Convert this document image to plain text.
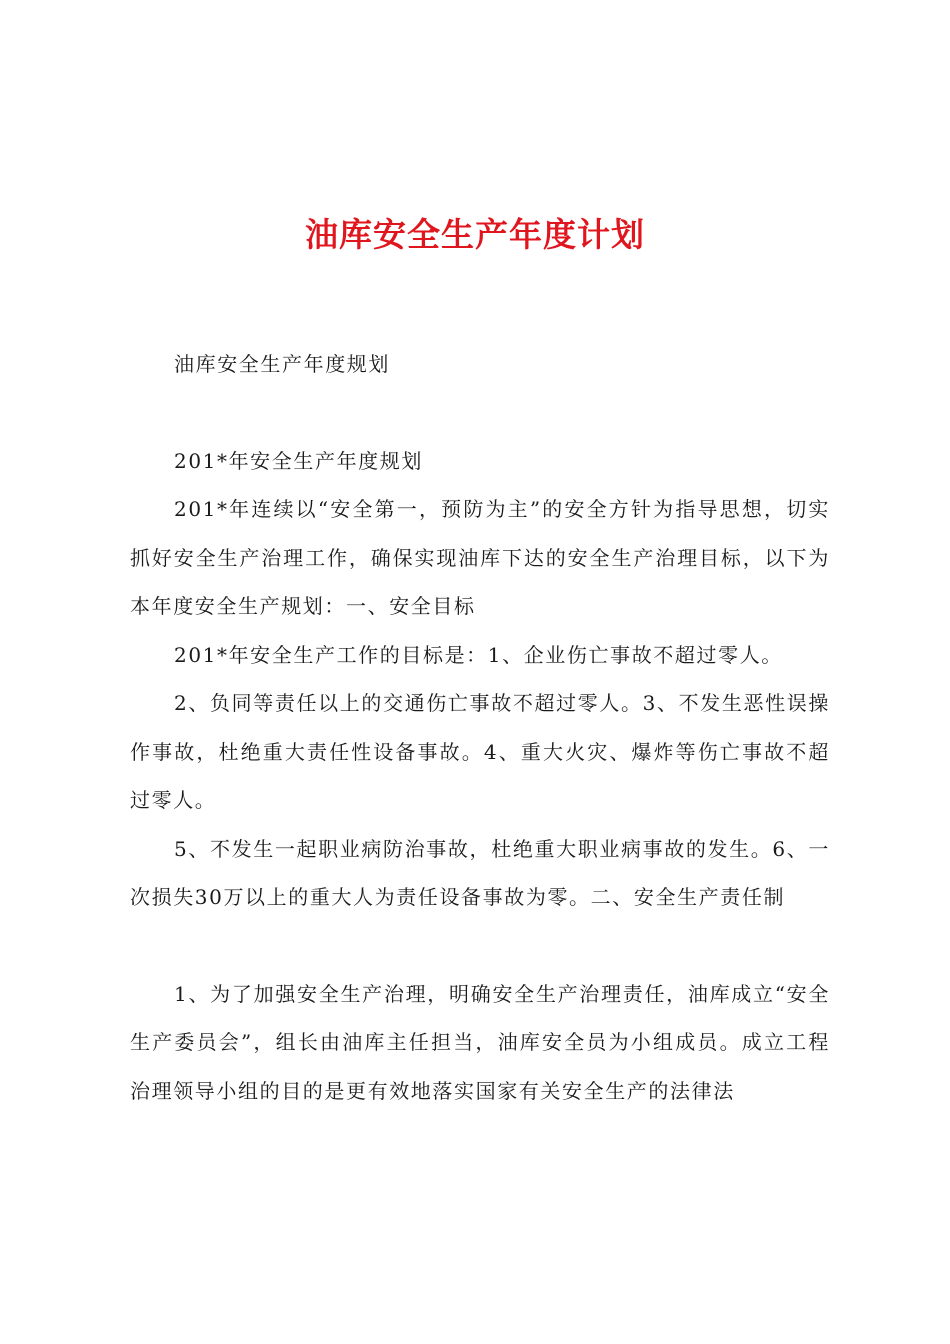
油库安全生产年度计划

油库安全生产年度规划

201*年安全生产年度规划

201*年连续以“安全第一，预防为主”的安全方针为指导思想，切实抓好安全生产治理工作，确保实现油库下达的安全生产治理目标，以下为本年度安全生产规划：一、安全目标

201*年安全生产工作的目标是：1、企业伤亡事故不超过零人。

2、负同等责任以上的交通伤亡事故不超过零人。3、不发生恶性误操作事故，杜绝重大责任性设备事故。4、重大火灾、爆炸等伤亡事故不超过零人。

5、不发生一起职业病防治事故，杜绝重大职业病事故的发生。6、一次损失30万以上的重大人为责任设备事故为零。二、安全生产责任制

1、为了加强安全生产治理，明确安全生产治理责任，油库成立“安全生产委员会”，组长由油库主任担当，油库安全员为小组成员。成立工程治理领导小组的目的是更有效地落实国家有关安全生产的法律法
